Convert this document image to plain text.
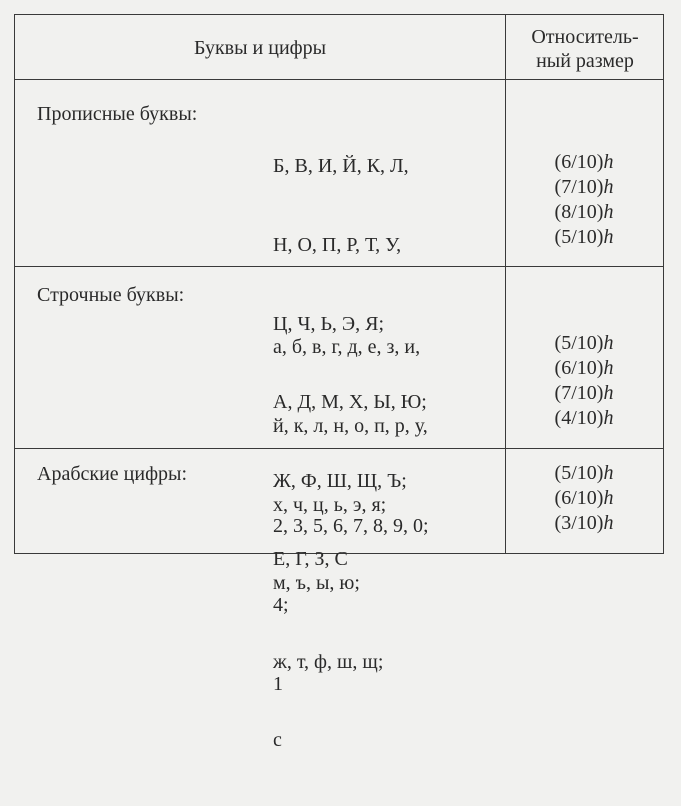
Буквы и цифры	Относитель-
ный размер
Прописные буквы:

Б, В, И, Й, К, Л,

Н, О, П, Р, Т, У,

Ц, Ч, Ь, Э, Я;

А, Д, М, Х, Ы, Ю;

Ж, Ф, Ш, Щ, Ъ;

Е, Г, З, С

(6/10)h
(7/10)h
(8/10)h
(5/10)h
Строчные буквы:

а, б, в, г, д, е, з, и,

й, к, л, н, о, п, р, у,

х, ч, ц, ь, э, я;

м, ъ, ы, ю;

ж, т, ф, ш, щ;

с

(5/10)h
(6/10)h
(7/10)h
(4/10)h
Арабские цифры:

2, 3, 5, 6, 7, 8, 9, 0;

4;

1

(5/10)h
(6/10)h
(3/10)h
